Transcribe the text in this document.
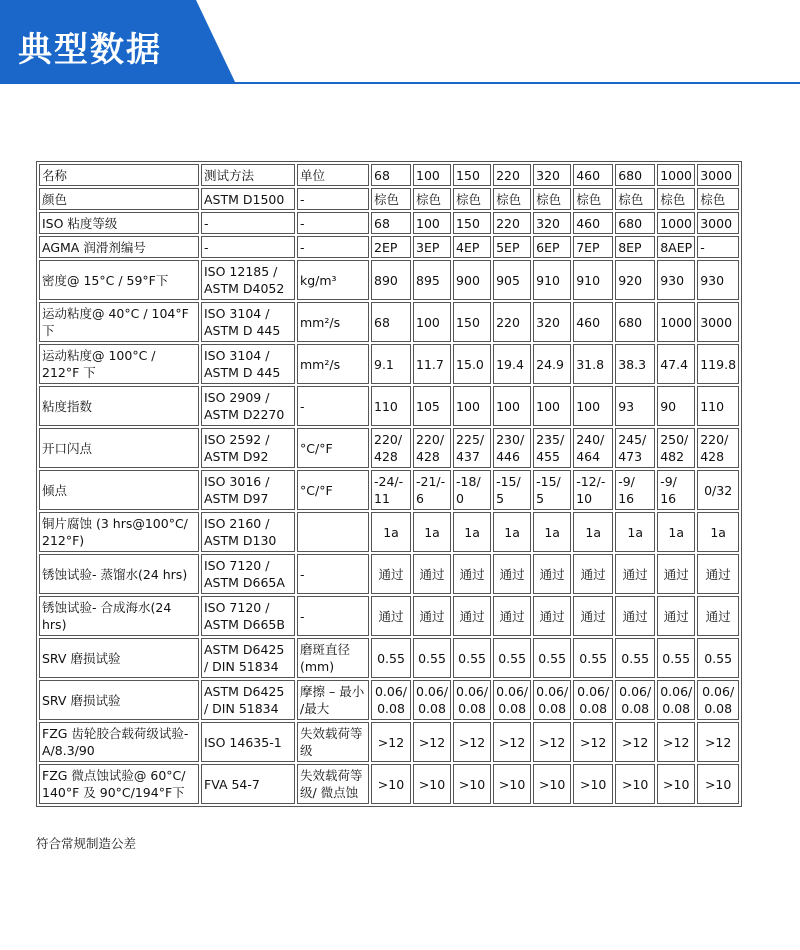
典型数据
名称	测试方法	单位	68	100	150	220	320	460	680	1000	3000
颜色	ASTM D1500	-	棕色	棕色	棕色	棕色	棕色	棕色	棕色	棕色	棕色
ISO 粘度等级	-	-	68	100	150	220	320	460	680	1000	3000
AGMA 润滑剂编号	-	-	2EP	3EP	4EP	5EP	6EP	7EP	8EP	8AEP	-
密度@ 15°C / 59°F下	ISO 12185 / ASTM D4052	kg/m³	890	895	900	905	910	910	920	930	930
运动粘度@ 40°C / 104°F 下	ISO 3104 / ASTM D 445	mm²/s	68	100	150	220	320	460	680	1000	3000
运动粘度@ 100°C / 212°F 下	ISO 3104 / ASTM D 445	mm²/s	9.1	11.7	15.0	19.4	24.9	31.8	38.3	47.4	119.8
粘度指数	ISO 2909 / ASTM D2270	-	110	105	100	100	100	100	93	90	110
开口闪点	ISO 2592 / ASTM D92	°C/°F	220/ 428	220/ 428	225/ 437	230/ 446	235/ 455	240/ 464	245/ 473	250/ 482	220/ 428
倾点	ISO 3016 / ASTM D97	°C/°F	-24/- 11	-21/- 6	-18/ 0	-15/ 5	-15/ 5	-12/- 10	-9/ 16	-9/ 16	0/32
铜片腐蚀 (3 hrs@100°C/ 212°F)	ISO 2160 / ASTM D130		1a	1a	1a	1a	1a	1a	1a	1a	1a
锈蚀试验- 蒸馏水(24 hrs)	ISO 7120 / ASTM D665A	-	通过	通过	通过	通过	通过	通过	通过	通过	通过
锈蚀试验- 合成海水(24 hrs)	ISO 7120 / ASTM D665B	-	通过	通过	通过	通过	通过	通过	通过	通过	通过
SRV 磨损试验	ASTM D6425 / DIN 51834	磨斑直径 (mm)	0.55	0.55	0.55	0.55	0.55	0.55	0.55	0.55	0.55
SRV 磨损试验	ASTM D6425 / DIN 51834	摩擦 – 最小 /最大	0.06/ 0.08	0.06/ 0.08	0.06/ 0.08	0.06/ 0.08	0.06/ 0.08	0.06/ 0.08	0.06/ 0.08	0.06/ 0.08	0.06/ 0.08
FZG 齿轮胶合载荷级试验- A/8.3/90	ISO 14635-1	失效载荷等 级	>12	>12	>12	>12	>12	>12	>12	>12	>12
FZG 微点蚀试验@ 60°C/ 140°F 及 90°C/194°F下	FVA 54-7	失效载荷等 级/ 微点蚀	>10	>10	>10	>10	>10	>10	>10	>10	>10
符合常规制造公差
